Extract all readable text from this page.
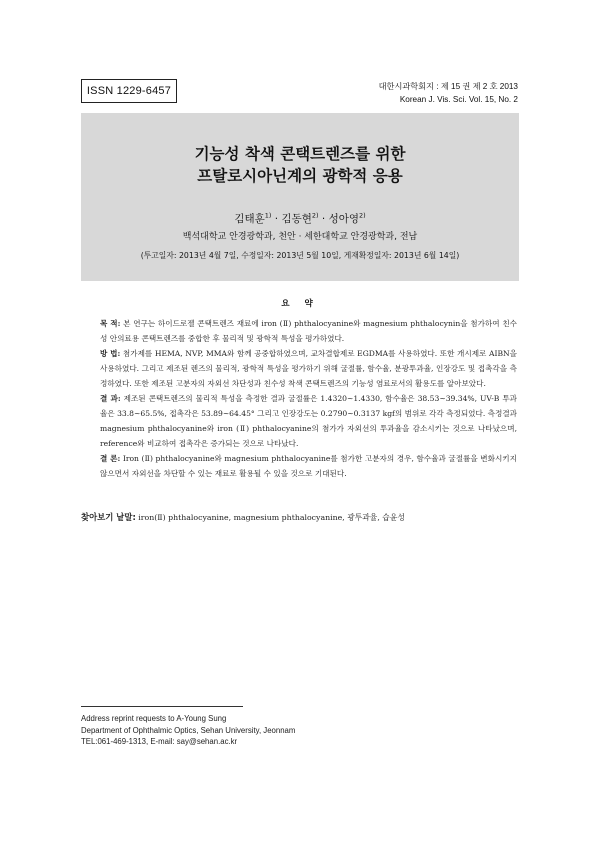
ISSN 1229-6457	대한시과학회지 : 제 15 권 제 2 호 2013
Korean J. Vis. Sci. Vol. 15, No. 2
기능성 착색 콘택트렌즈를 위한
프탈로시아닌계의 광학적 응용
김태훈$^{1)}$ · 김동현$^{2)}$ · 성아영$^{2)}$
백석대학교 안경광학과, 천안 · 세한대학교 안경광학과, 전남
(투고일자: 2013년 4월 7일, 수정일자: 2013년 5월 10일, 게재확정일자: 2013년 6월 14일)
요 약

목 적: 본 연구는 하이드로젤 콘택트렌즈 재료에 iron (Ⅱ) phthalocyanine와 magnesium phthalocynin을 첨가하여 친수성 안의료용 콘택트렌즈를 중합한 후 물리적 및 광학적 특성을 평가하였다.

방 법: 첨가제를 HEMA, NVP, MMA와 함께 공중합하였으며, 교차결합제로 EGDMA를 사용하였다. 또한 개시제로 AIBN을 사용하였다. 그리고 제조된 렌즈의 물리적, 광학적 특성을 평가하기 위해 굴절률, 함수율, 분광투과율, 인장강도 및 접촉각을 측정하였다. 또한 제조된 고분자의 자외선 차단성과 친수성 착색 콘택트렌즈의 기능성 염료로서의 활용도를 알아보았다.

결 과: 제조된 콘택트렌즈의 물리적 특성을 측정한 결과 굴절률은 1.4320~1.4330, 함수율은 38.53~39.34%, UV-B 투과율은 33.8~65.5%, 접촉각은 53.89~64.45° 그리고 인장강도는 0.2790~0.3137 kgf의 범위로 각각 측정되었다. 측정결과 magnesium phthalocyanine와 iron (Ⅱ) phthalocyanine의 첨가가 자외선의 투과율을 감소시키는 것으로 나타났으며, reference와 비교하여 접촉각은 증가되는 것으로 나타났다.

결 론: Iron (Ⅱ) phthalocyanine와 magnesium phthalocyanine를 첨가한 고분자의 경우, 함수율과 굴절률을 변화시키지 않으면서 자외선을 차단할 수 있는 재료로 활용될 수 있을 것으로 기대된다.

찾아보기 낱말: iron(Ⅱ) phthalocyanine, magnesium phthalocyanine, 광투과율, 습윤성
Address reprint requests to A-Young Sung
Department of Ophthalmic Optics, Sehan University, Jeonnam
TEL:061-469-1313, E-mail: say@sehan.ac.kr
